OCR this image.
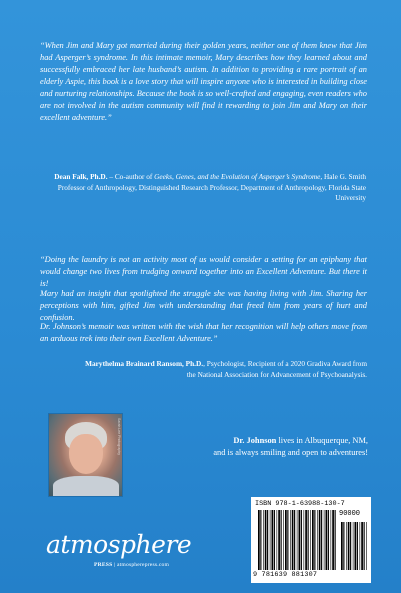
“When Jim and Mary got married during their golden years, neither one of them knew that Jim had Asperger’s syndrome. In this intimate memoir, Mary describes how they learned about and successfully embraced her late husband’s autism. In addition to providing a rare portrait of an elderly Aspie, this book is a love story that will inspire anyone who is interested in building close and nurturing relationships. Because the book is so well-crafted and engaging, even readers who are not involved in the autism community will find it rewarding to join Jim and Mary on their excellent adventure.”

Dean Falk, Ph.D. – Co-author of Geeks, Genes, and the Evolution of Asperger’s Syndrome, Hale G. Smith Professor of Anthropology, Distinguished Research Professor, Department of Anthropology, Florida State University

“Doing the laundry is not an activity most of us would consider a setting for an epiphany that would change two lives from trudging onward together into an Excellent Adventure. But there it is!

Mary had an insight that spotlighted the struggle she was having living with Jim. Sharing her perceptions with him, gifted Jim with understanding that freed him from years of hurt and confusion.

Dr. Johnson’s memoir was written with the wish that her recognition will help others move from an arduous trek into their own Excellent Adventure.”

Marythelma Brainard Ransom, Ph.D., Psychologist, Recipient of a 2020 Gradiva Award from the National Association for Advancement of Psychoanalysis.

Sarah Lee Photography	Dr. Johnson lives in Albuquerque, NM,
and is always smiling and open to adventures!

ISBN 978-1-63988-130-7
90000
9 781639 881307
atmosphere
PRESS | atmospherepress.com
